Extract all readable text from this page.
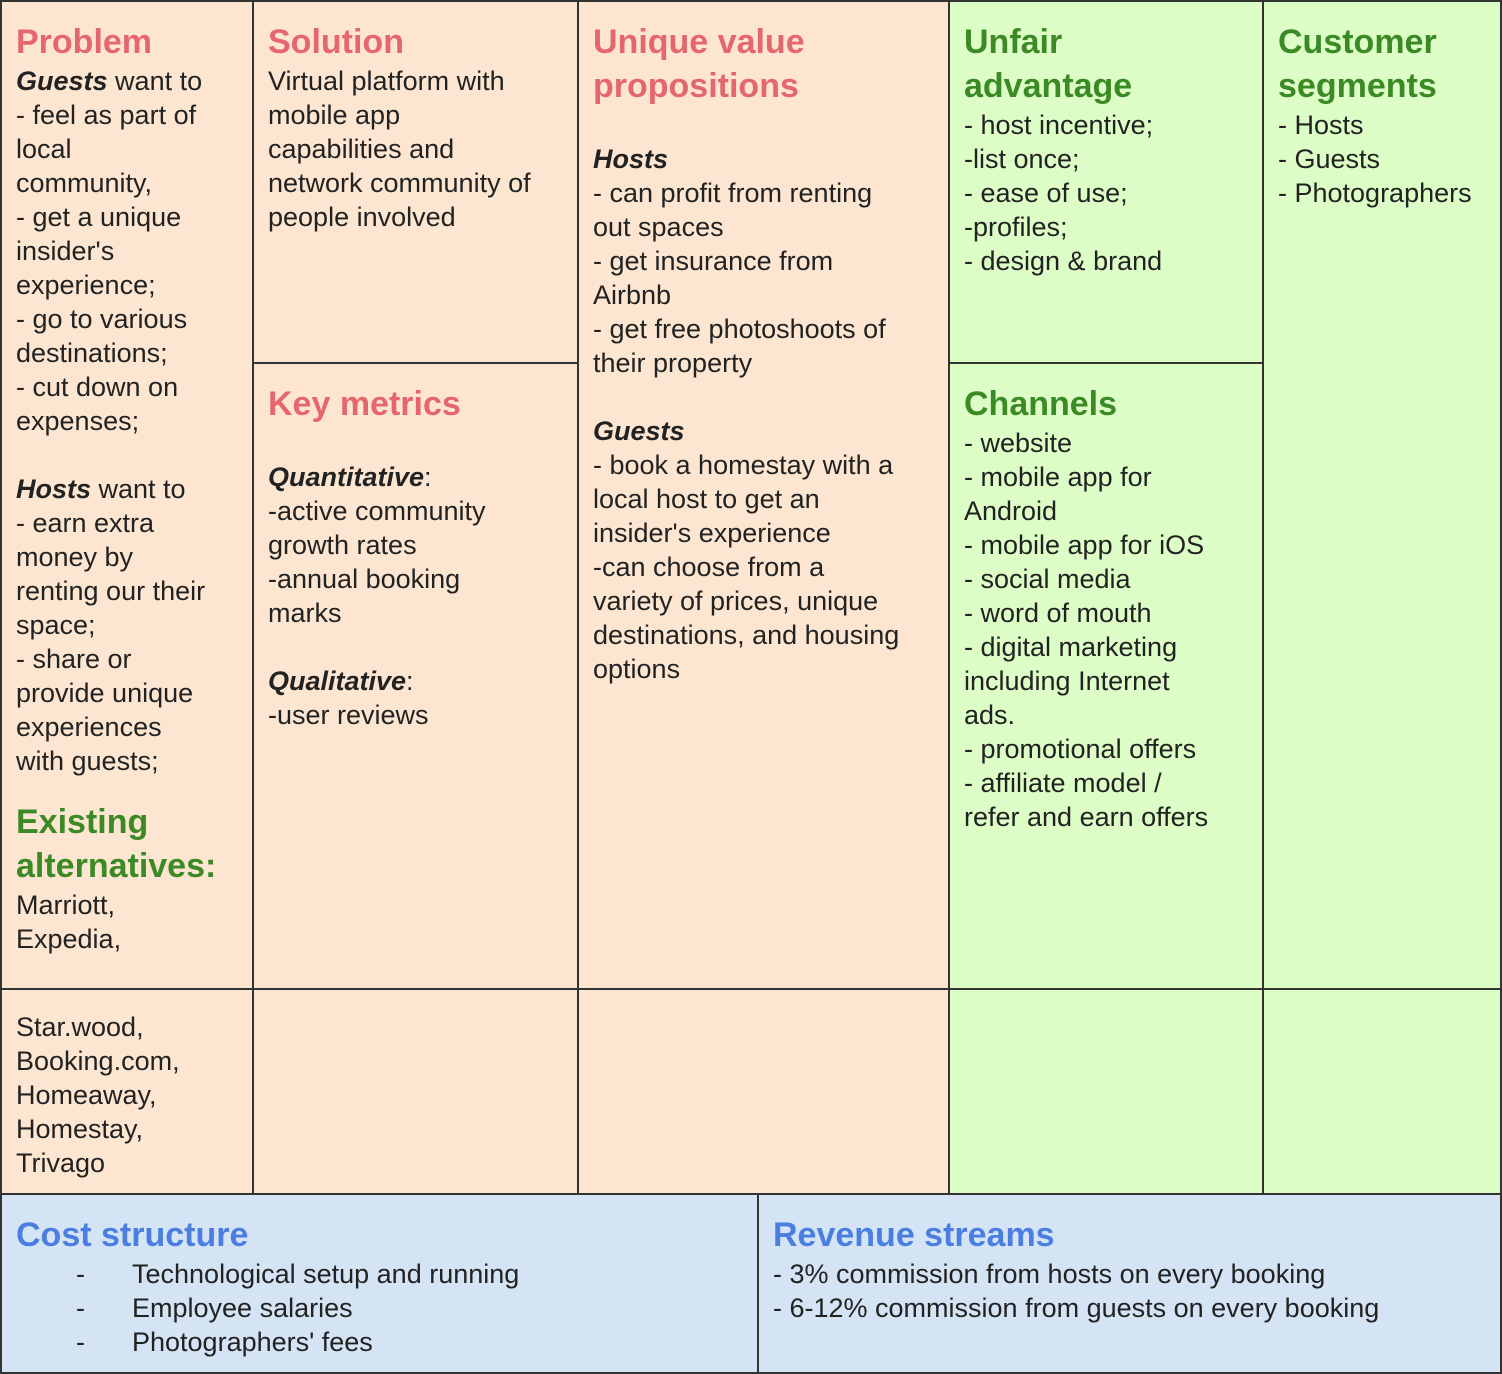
Problem
Guests want to
- feel as part of
local
community,
- get a unique
insider's
experience;
- go to various
destinations;
- cut down on
expenses;
Hosts want to
- earn extra
money by
renting our their
space;
- share or
provide unique
experiences
with guests;
Existing
alternatives:
Marriott,
Expedia,
Solution
Virtual platform with
mobile app
capabilities and
network community of
people involved
Key metrics
Quantitative:
-active community
growth rates
-annual booking
marks
Qualitative:
-user reviews
Unique value
propositions
Hosts
- can profit from renting
out spaces
- get insurance from
Airbnb
- get free photoshoots of
their property
Guests
- book a homestay with a
local host to get an
insider's experience
-can choose from a
variety of prices, unique
destinations, and housing
options
Unfair
advantage
- host incentive;
-list once;
- ease of use;
-profiles;
- design & brand
Channels
- website
- mobile app for
Android
- mobile app for iOS
- social media
- word of mouth
- digital marketing
including Internet
ads.
- promotional offers
- affiliate model /
refer and earn offers
Customer
segments
- Hosts
- Guests
- Photographers
Star.wood,
Booking.com,
Homeaway,
Homestay,
Trivago
Cost structure
- Technological setup and running
- Employee salaries
- Photographers' fees
Revenue streams
- 3% commission from hosts on every booking
- 6-12% commission from guests on every booking
